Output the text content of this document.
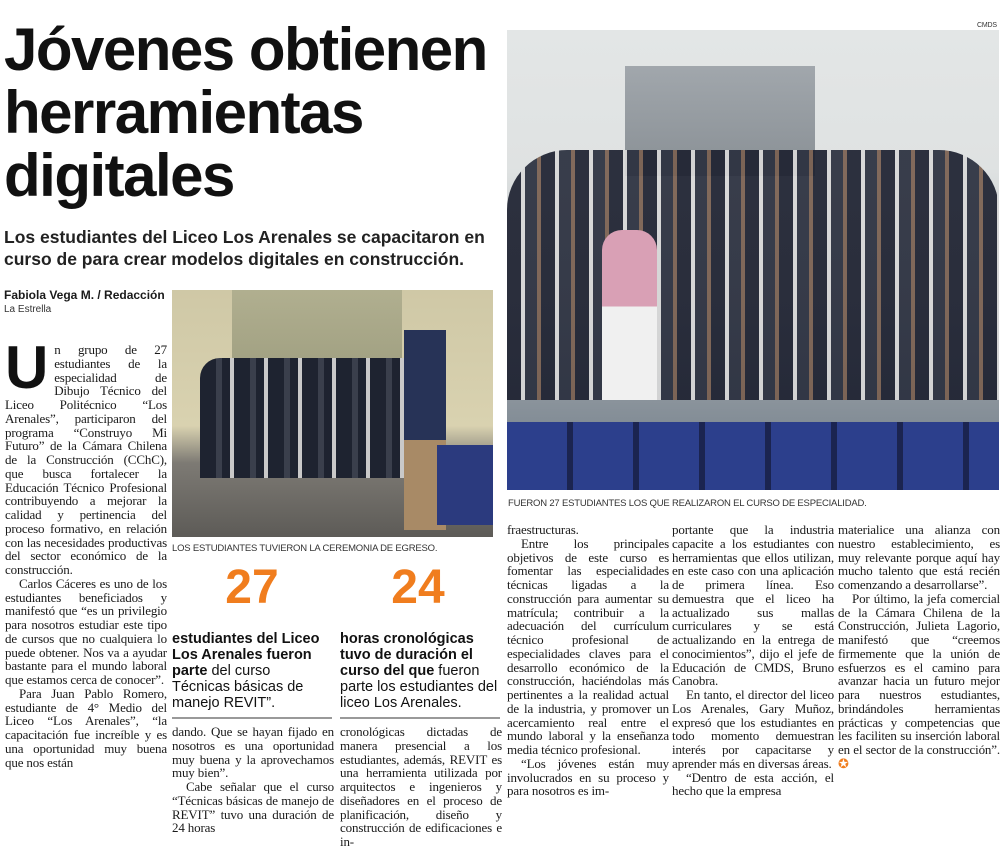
Jóvenes obtienen herramientas digitales
Los estudiantes del Liceo Los Arenales se capacitaron en curso de para crear modelos digitales en construcción.
Fabiola Vega M. / Redacción
La Estrella
LOS ESTUDIANTES TUVIERON LA CEREMONIA DE EGRESO.
CMDS
FUERON 27 ESTUDIANTES LOS QUE REALIZARON EL CURSO DE ESPECIALIDAD.
27
estudiantes del Liceo Los Arenales fueron parte del curso Técnicas básicas de manejo REVIT”.
24
horas cronológicas tuvo de duración el curso del que fueron parte los estudiantes del liceo Los Arenales.

Un grupo de 27 estudiantes de la especialidad de Dibujo Técnico del Liceo Politécnico “Los Arenales”, participaron del programa “Construyo Mi Futuro” de la Cámara Chilena de la Construcción (CChC), que busca fortalecer la Educación Técnico Profesional contribuyendo a mejorar la calidad y pertinencia del proceso formativo, en relación con las necesidades productivas del sector económico de la construcción.

Carlos Cáceres es uno de los estudiantes beneficiados y manifestó que “es un privilegio para nosotros estudiar este tipo de cursos que no cualquiera lo puede obtener. Nos va a ayudar bastante para el mundo laboral que estamos cerca de conocer”.

Para Juan Pablo Romero, estudiante de 4° Medio del Liceo “Los Arenales”, “la capacitación fue increíble y es una oportunidad muy buena que nos están

dando. Que se hayan fijado en nosotros es una oportunidad muy buena y la aprovechamos muy bien”.

Cabe señalar que el curso “Técnicas básicas de manejo de REVIT” tuvo una duración de 24 horas

cronológicas dictadas de manera presencial a los estudiantes, además, REVIT es una herramienta utilizada por arquitectos e ingenieros y diseñadores en el proceso de planificación, diseño y construcción de edificaciones e in-

fraestructuras.

Entre los principales objetivos de este curso es fomentar las especialidades técnicas ligadas a la construcción para aumentar su matrícula; contribuir a la adecuación del currículum técnico profesional de especialidades claves para el desarrollo económico de la construcción, haciéndolas más pertinentes a la realidad actual de la industria, y promover un acercamiento real entre el mundo laboral y la enseñanza media técnico profesional.

“Los jóvenes están muy involucrados en su proceso y para nosotros es im-

portante que la industria capacite a los estudiantes con herramientas que ellos utilizan, en este caso con una aplicación de primera línea. Eso demuestra que el liceo ha actualizado sus mallas curriculares y se está actualizando en la entrega de conocimientos”, dijo el jefe de Educación de CMDS, Bruno Canobra.

En tanto, el director del liceo Los Arenales, Gary Muñoz, expresó que los estudiantes en todo momento demuestran interés por capacitarse y aprender más en diversas áreas.

“Dentro de esta acción, el hecho que la empresa

materialice una alianza con nuestro establecimiento, es muy relevante porque aquí hay mucho talento que está recién comenzando a desarrollarse”.

Por último, la jefa comercial de la Cámara Chilena de la Construcción, Julieta Lagorio, manifestó que “creemos firmemente que la unión de esfuerzos es el camino para avanzar hacia un futuro mejor para nuestros estudiantes, brindándoles herramientas prácticas y competencias que les faciliten su inserción laboral en el sector de la construcción”. ✪
